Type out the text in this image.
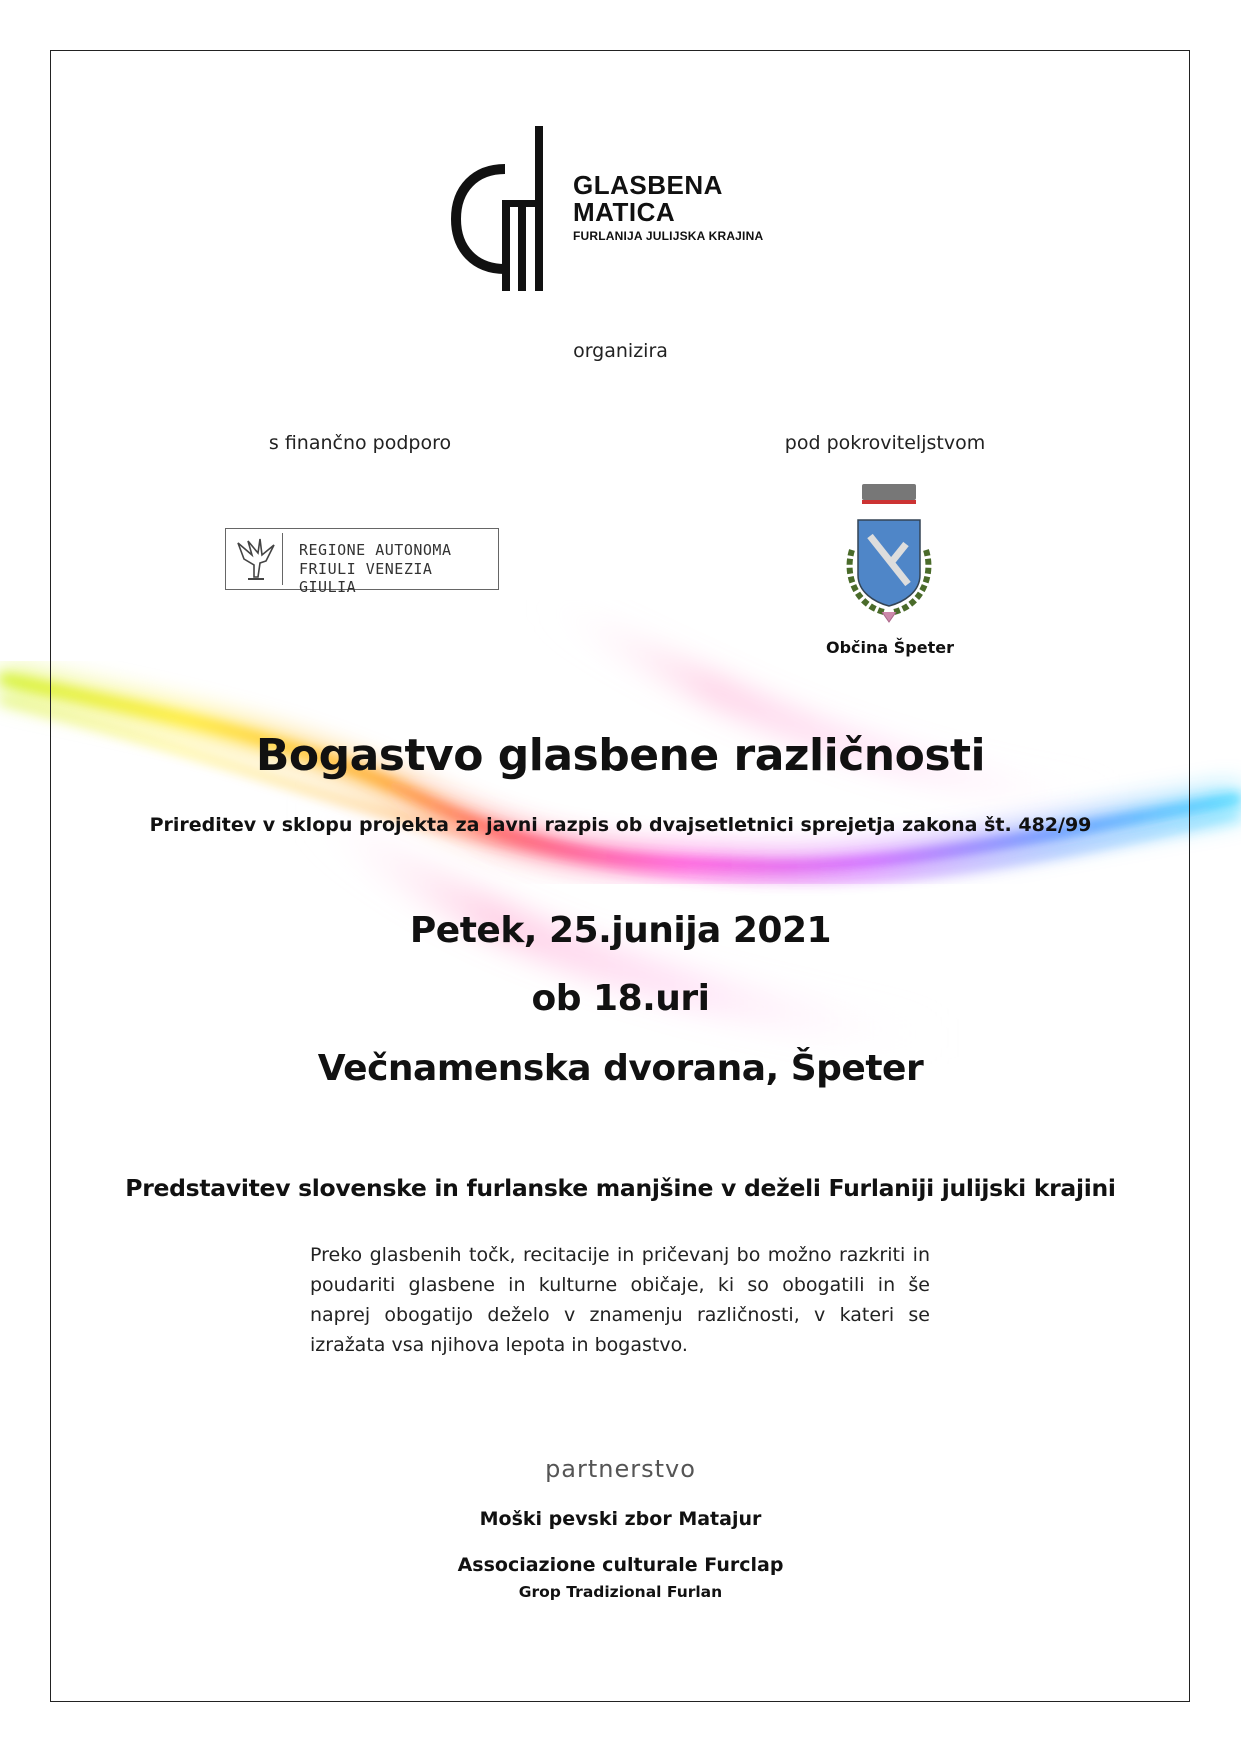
GLASBENA
MATICA
FURLANIJA JULIJSKA KRAJINA
organizira
s finančno podporo	pod pokroviteljstvom
REGIONE AUTONOMA
FRIULI VENEZIA GIULIA
Občina Špeter
Bogastvo glasbene različnosti
Prireditev v sklopu projekta za javni razpis ob dvajsetletnici sprejetja zakona št. 482/99
Petek, 25.junija 2021
ob 18.uri
Večnamenska dvorana, Špeter
Predstavitev slovenske in furlanske manjšine v deželi Furlaniji julijski krajini
Preko glasbenih točk, recitacije in pričevanj bo možno razkriti in poudariti glasbene in kulturne običaje, ki so obogatili in še naprej obogatijo deželo v znamenju različnosti, v kateri se izražata vsa njihova lepota in bogastvo.
partnerstvo
Moški pevski zbor Matajur
Associazione culturale Furclap
Grop Tradizional Furlan
